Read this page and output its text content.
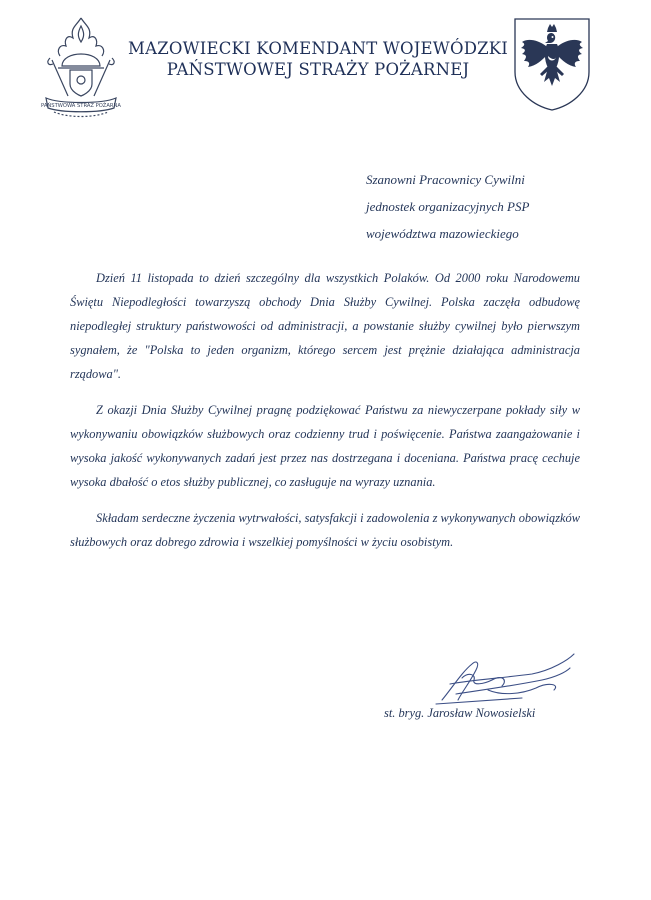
PAŃSTWOWA STRAŻ POŻARNA
MAZOWIECKI KOMENDANT WOJEWÓDZKI
PAŃSTWOWEJ STRAŻY POŻARNEJ
Szanowni Pracownicy Cywilni
jednostek organizacyjnych PSP
województwa mazowieckiego

Dzień 11 listopada to dzień szczególny dla wszystkich Polaków. Od 2000 roku Narodowemu Świętu Niepodległości towarzyszą obchody Dnia Służby Cywilnej. Polska zaczęła odbudowę niepodległej struktury państwowości od administracji, a powstanie służby cywilnej było pierwszym sygnałem, że "Polska to jeden organizm, którego sercem jest prężnie działająca administracja rządowa".

Z okazji Dnia Służby Cywilnej pragnę podziękować Państwu za niewyczerpane pokłady siły w wykonywaniu obowiązków służbowych oraz codzienny trud i poświęcenie. Państwa zaangażowanie i wysoka jakość wykonywanych zadań jest przez nas dostrzegana i doceniana. Państwa pracę cechuje wysoka dbałość o etos służby publicznej, co zasługuje na wyrazy uznania.

Składam serdeczne życzenia wytrwałości, satysfakcji i zadowolenia z wykonywanych obowiązków służbowych oraz dobrego zdrowia i wszelkiej pomyślności w życiu osobistym.

st. bryg. Jarosław Nowosielski
